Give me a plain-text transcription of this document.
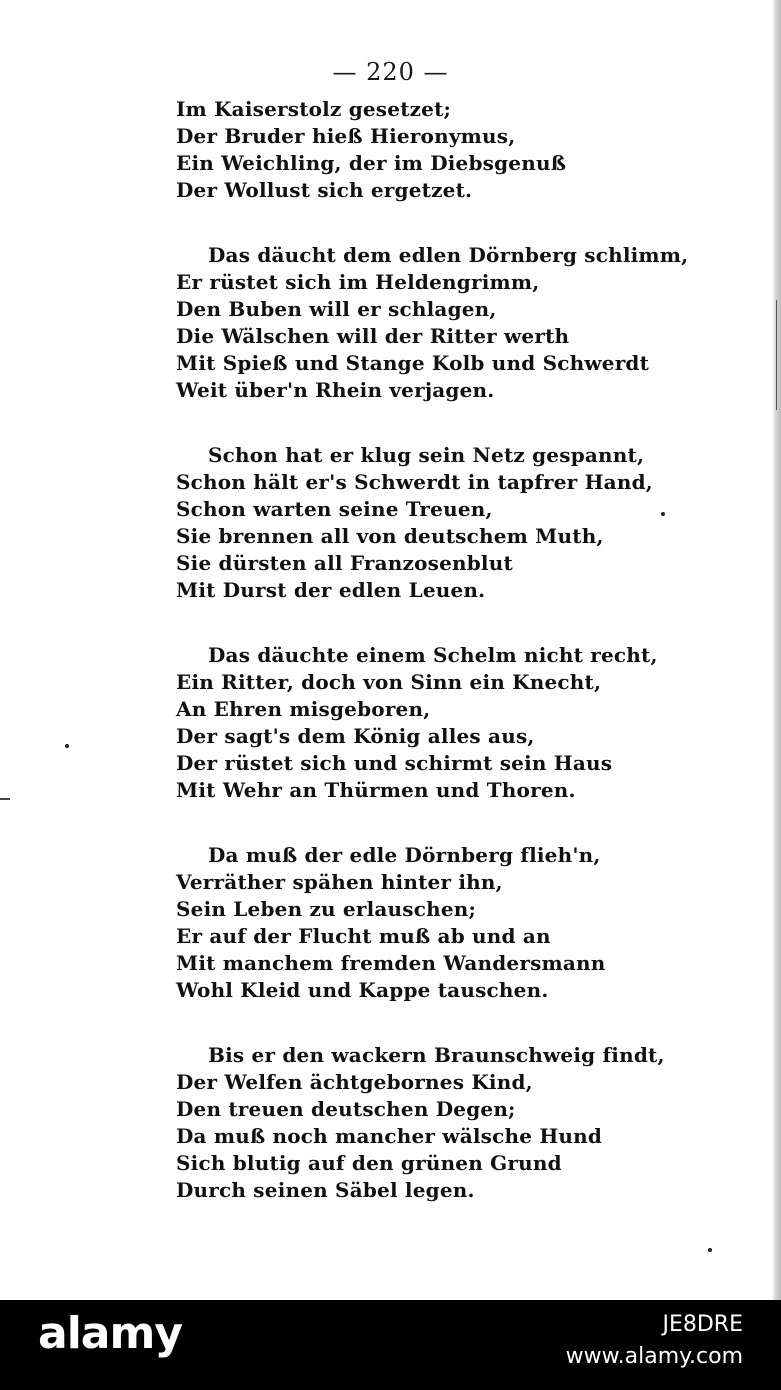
— 220 —
Im Kaiserstolz gesetzet;
Der Bruder hieß Hieronymus,
Ein Weichling, der im Diebsgenuß
Der Wollust sich ergetzet.
Das däucht dem edlen Dörnberg schlimm,
Er rüstet sich im Heldengrimm,
Den Buben will er schlagen,
Die Wälschen will der Ritter werth
Mit Spieß und Stange Kolb und Schwerdt
Weit über'n Rhein verjagen.
Schon hat er klug sein Netz gespannt,
Schon hält er's Schwerdt in tapfrer Hand,
Schon warten seine Treuen,
Sie brennen all von deutschem Muth,
Sie dürsten all Franzosenblut
Mit Durst der edlen Leuen.
Das däuchte einem Schelm nicht recht,
Ein Ritter, doch von Sinn ein Knecht,
An Ehren misgeboren,
Der sagt's dem König alles aus,
Der rüstet sich und schirmt sein Haus
Mit Wehr an Thürmen und Thoren.
Da muß der edle Dörnberg flieh'n,
Verräther spähen hinter ihn,
Sein Leben zu erlauschen;
Er auf der Flucht muß ab und an
Mit manchem fremden Wandersmann
Wohl Kleid und Kappe tauschen.
Bis er den wackern Braunschweig findt,
Der Welfen ächtgebornes Kind,
Den treuen deutschen Degen;
Da muß noch mancher wälsche Hund
Sich blutig auf den grünen Grund
Durch seinen Säbel legen.
alamy	JE8DRE
www.alamy.com
